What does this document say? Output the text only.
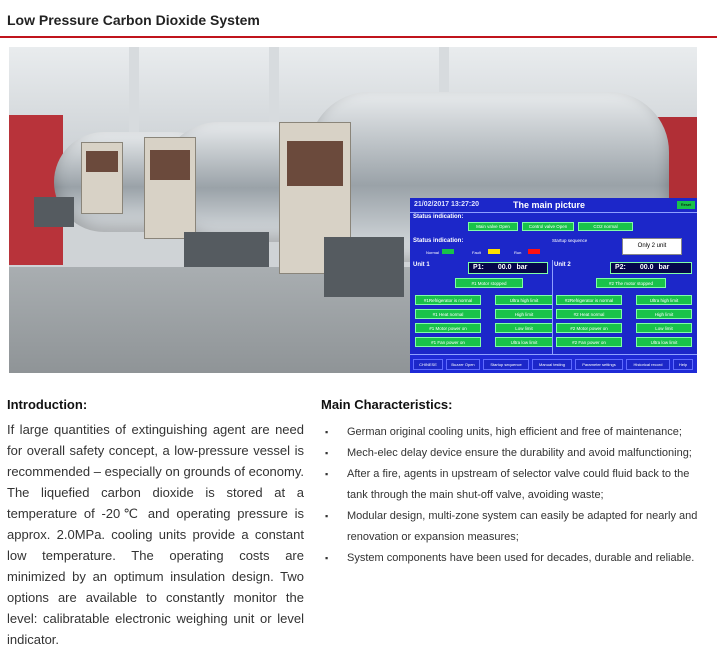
Low Pressure Carbon Dioxide System
21/02/2017 13:27:20	The main picture	Reset
Status indication:
Main valve Open	Control valve Open	CO2 normal
Status indication:
Normal	Fault	Run
Startup sequence
Only 2 unit
Unit 1	P1: 00.0 bar
#1 Motor stopped
#1Refrigerator is normal	Ultra high limit
#1 Heat normal	High limit
#1 Motor power on	Low limit
#1 Fan power on	Ultra low limit
Unit 2	P2: 00.0 bar
#2 The motor stopped
#2Refrigerator is normal	Ultra high limit
#2 Heat normal	High limit
#2 Motor power on	Low limit
#2 Fan power on	Ultra low limit
CHINESE	Buzzer Open	Startup sequence	Manual testing	Parameter settings	Historical record	Help
Introduction:
If large quantities of extinguishing agent are need for overall safety concept, a low-pressure vessel is recommended – especially on grounds of economy. The liquefied carbon dioxide is stored at a temperature of -20℃ and operating pressure is approx. 2.0MPa. cooling units provide a constant low temperature. The operating costs are minimized by an optimum insulation design. Two options are available to constantly monitor the level: calibratable electronic weighing unit or level indicator.
Main Characteristics:
▪ German original cooling units, high efficient and free of maintenance;
▪ Mech-elec delay device ensure the durability and avoid malfunctioning;
▪ After a fire, agents in upstream of selector valve could fluid back to the tank through the main shut-off valve, avoiding waste;
▪ Modular design, multi-zone system can easily be adapted for nearly and renovation or expansion measures;
▪ System components have been used for decades, durable and reliable.
